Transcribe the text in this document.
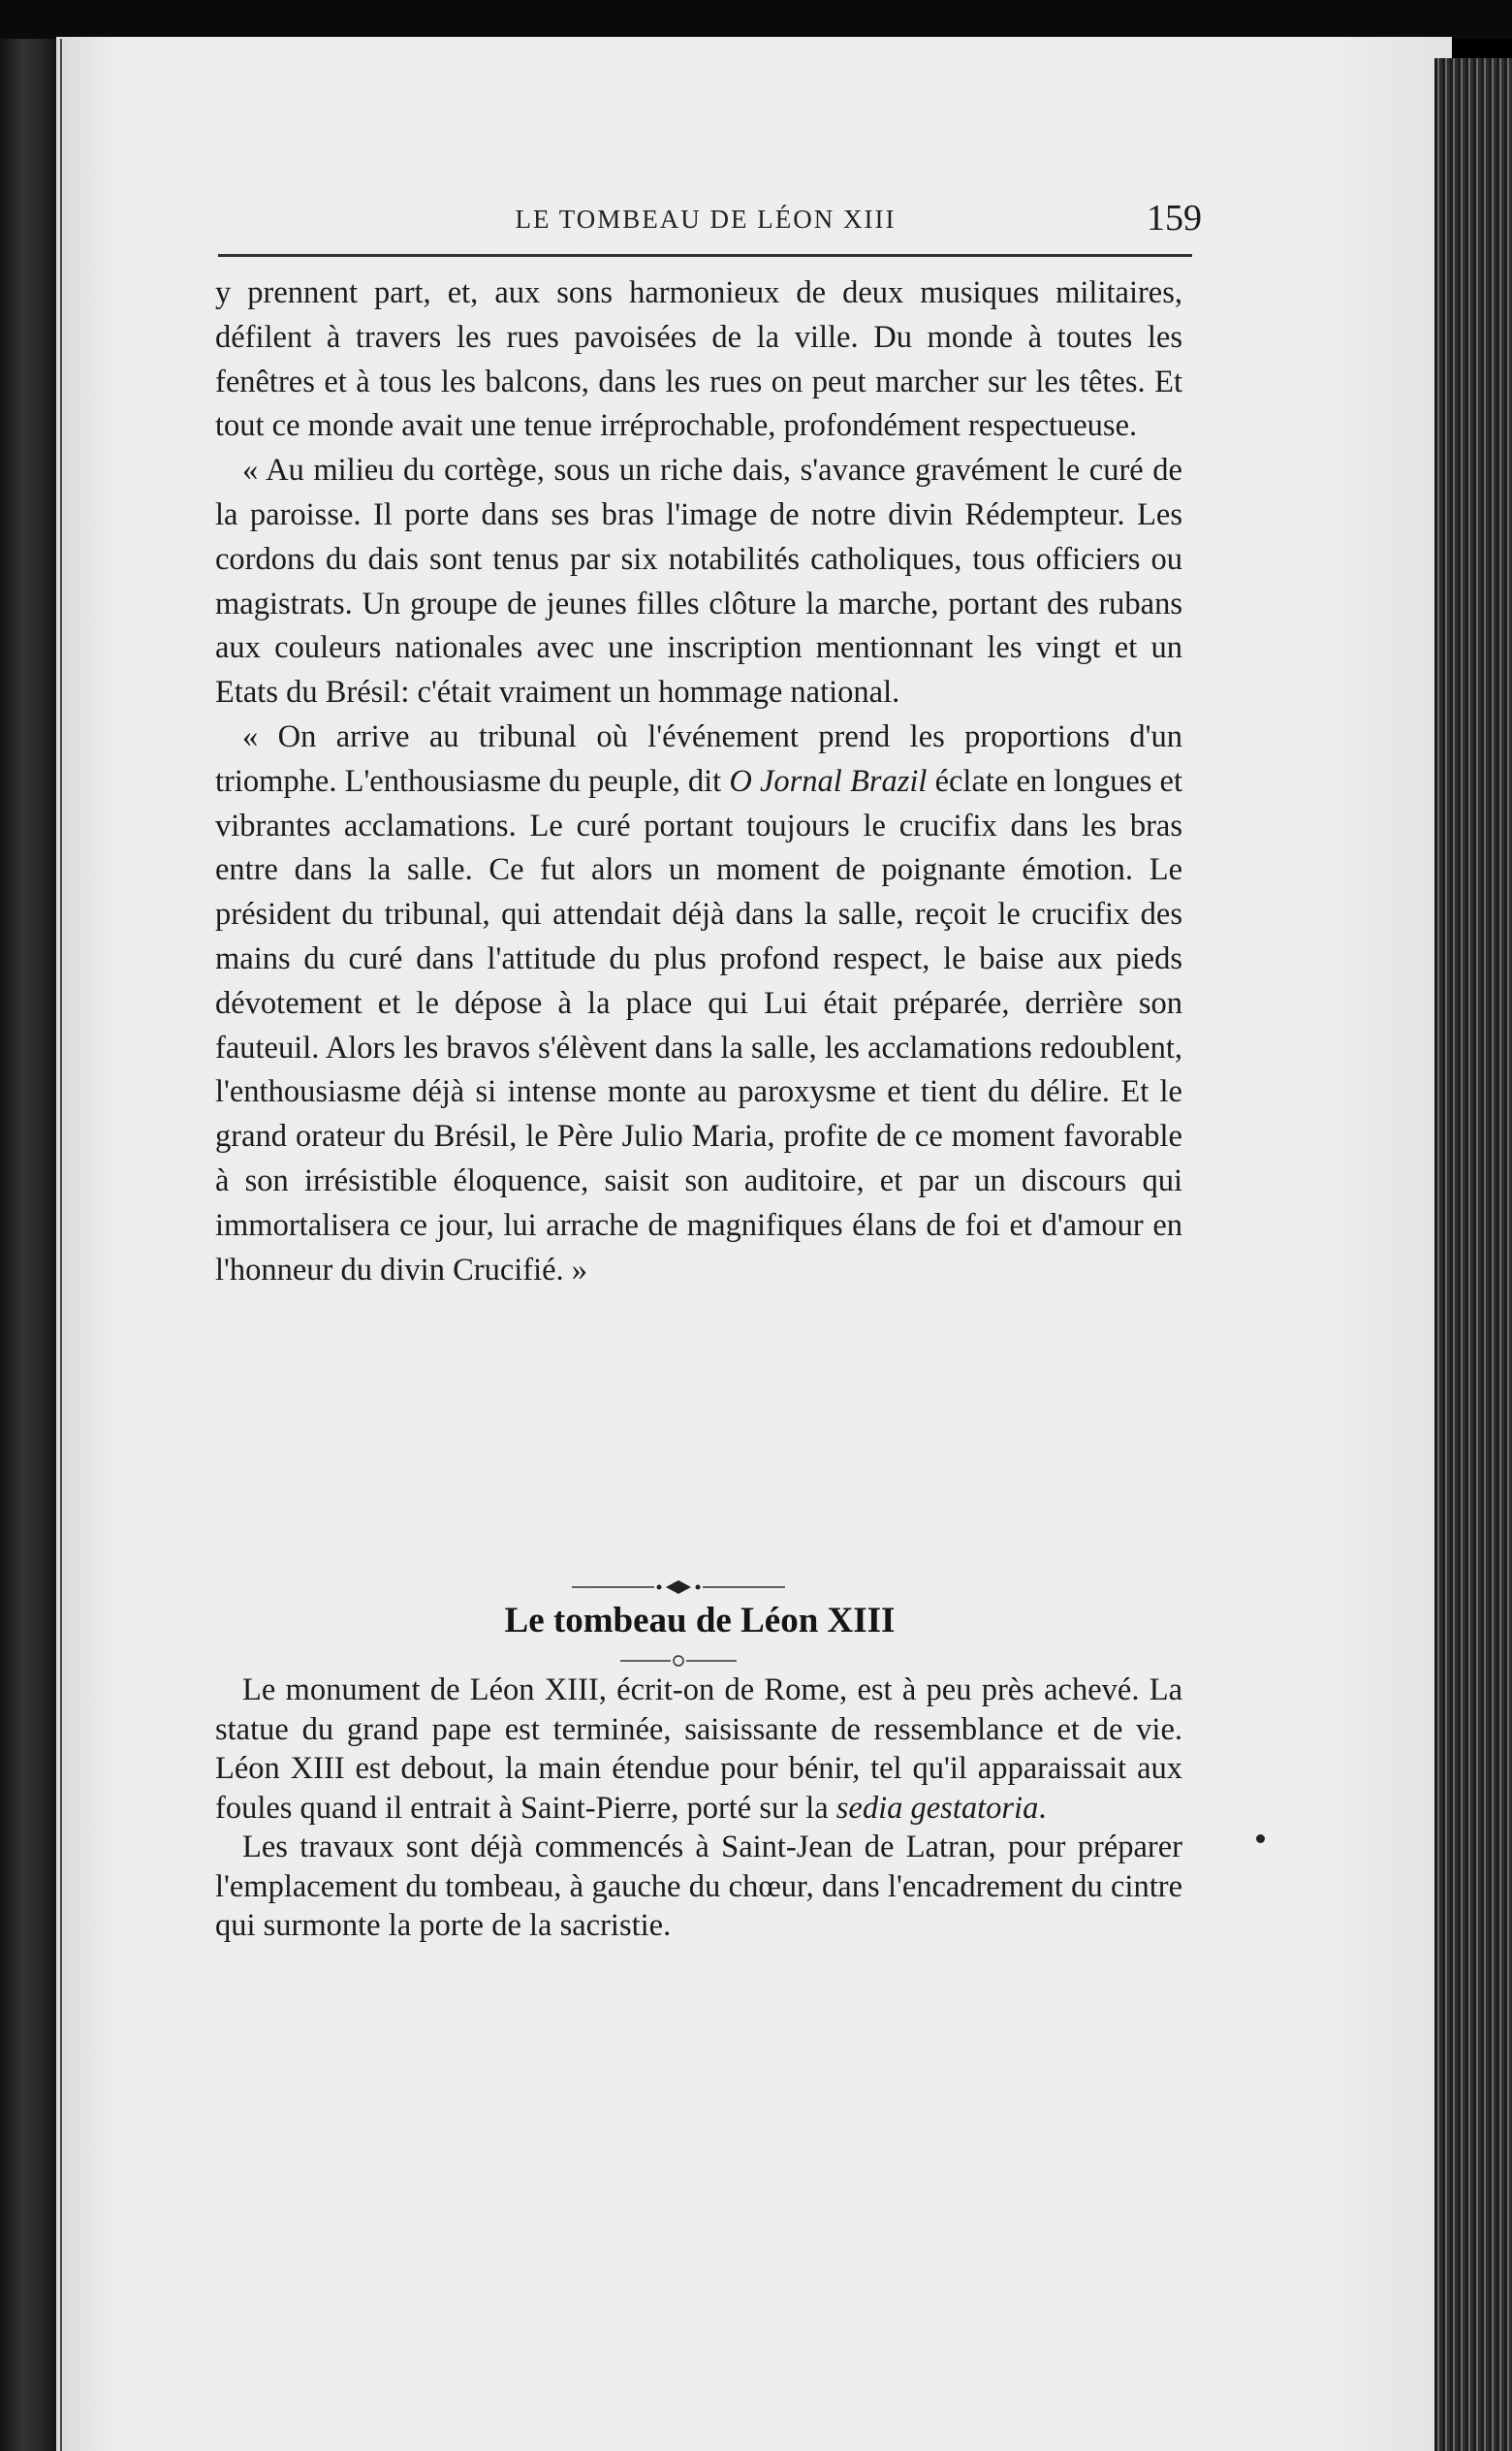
LE TOMBEAU DE LÉON XIII	159

y prennent part, et, aux sons harmonieux de deux musiques militaires, défilent à travers les rues pavoisées de la ville. Du monde à toutes les fenêtres et à tous les balcons, dans les rues on peut marcher sur les têtes. Et tout ce monde avait une tenue irréprochable, profondément respectueuse.

« Au milieu du cortège, sous un riche dais, s'avance gravément le curé de la paroisse. Il porte dans ses bras l'image de notre divin Rédempteur. Les cordons du dais sont tenus par six notabilités catholiques, tous officiers ou magistrats. Un groupe de jeunes filles clôture la marche, portant des rubans aux couleurs nationales avec une inscription mentionnant les vingt et un Etats du Brésil: c'était vraiment un hommage national.

« On arrive au tribunal où l'événement prend les proportions d'un triomphe. L'enthousiasme du peuple, dit O Jornal Brazil éclate en longues et vibrantes acclamations. Le curé portant toujours le crucifix dans les bras entre dans la salle. Ce fut alors un moment de poignante émotion. Le président du tribunal, qui attendait déjà dans la salle, reçoit le crucifix des mains du curé dans l'attitude du plus profond respect, le baise aux pieds dévotement et le dépose à la place qui Lui était préparée, derrière son fauteuil. Alors les bravos s'élèvent dans la salle, les acclamations redoublent, l'enthousiasme déjà si intense monte au paroxysme et tient du délire. Et le grand orateur du Brésil, le Père Julio Maria, profite de ce moment favorable à son irrésistible éloquence, saisit son auditoire, et par un discours qui immortalisera ce jour, lui arrache de magnifiques élans de foi et d'amour en l'honneur du divin Crucifié. »

Le tombeau de Léon XIII

Le monument de Léon XIII, écrit-on de Rome, est à peu près achevé. La statue du grand pape est terminée, saisissante de ressemblance et de vie. Léon XIII est debout, la main étendue pour bénir, tel qu'il apparaissait aux foules quand il entrait à Saint-Pierre, porté sur la sedia gestatoria.

Les travaux sont déjà commencés à Saint-Jean de Latran, pour préparer l'emplacement du tombeau, à gauche du chœur, dans l'encadrement du cintre qui surmonte la porte de la sacristie.
